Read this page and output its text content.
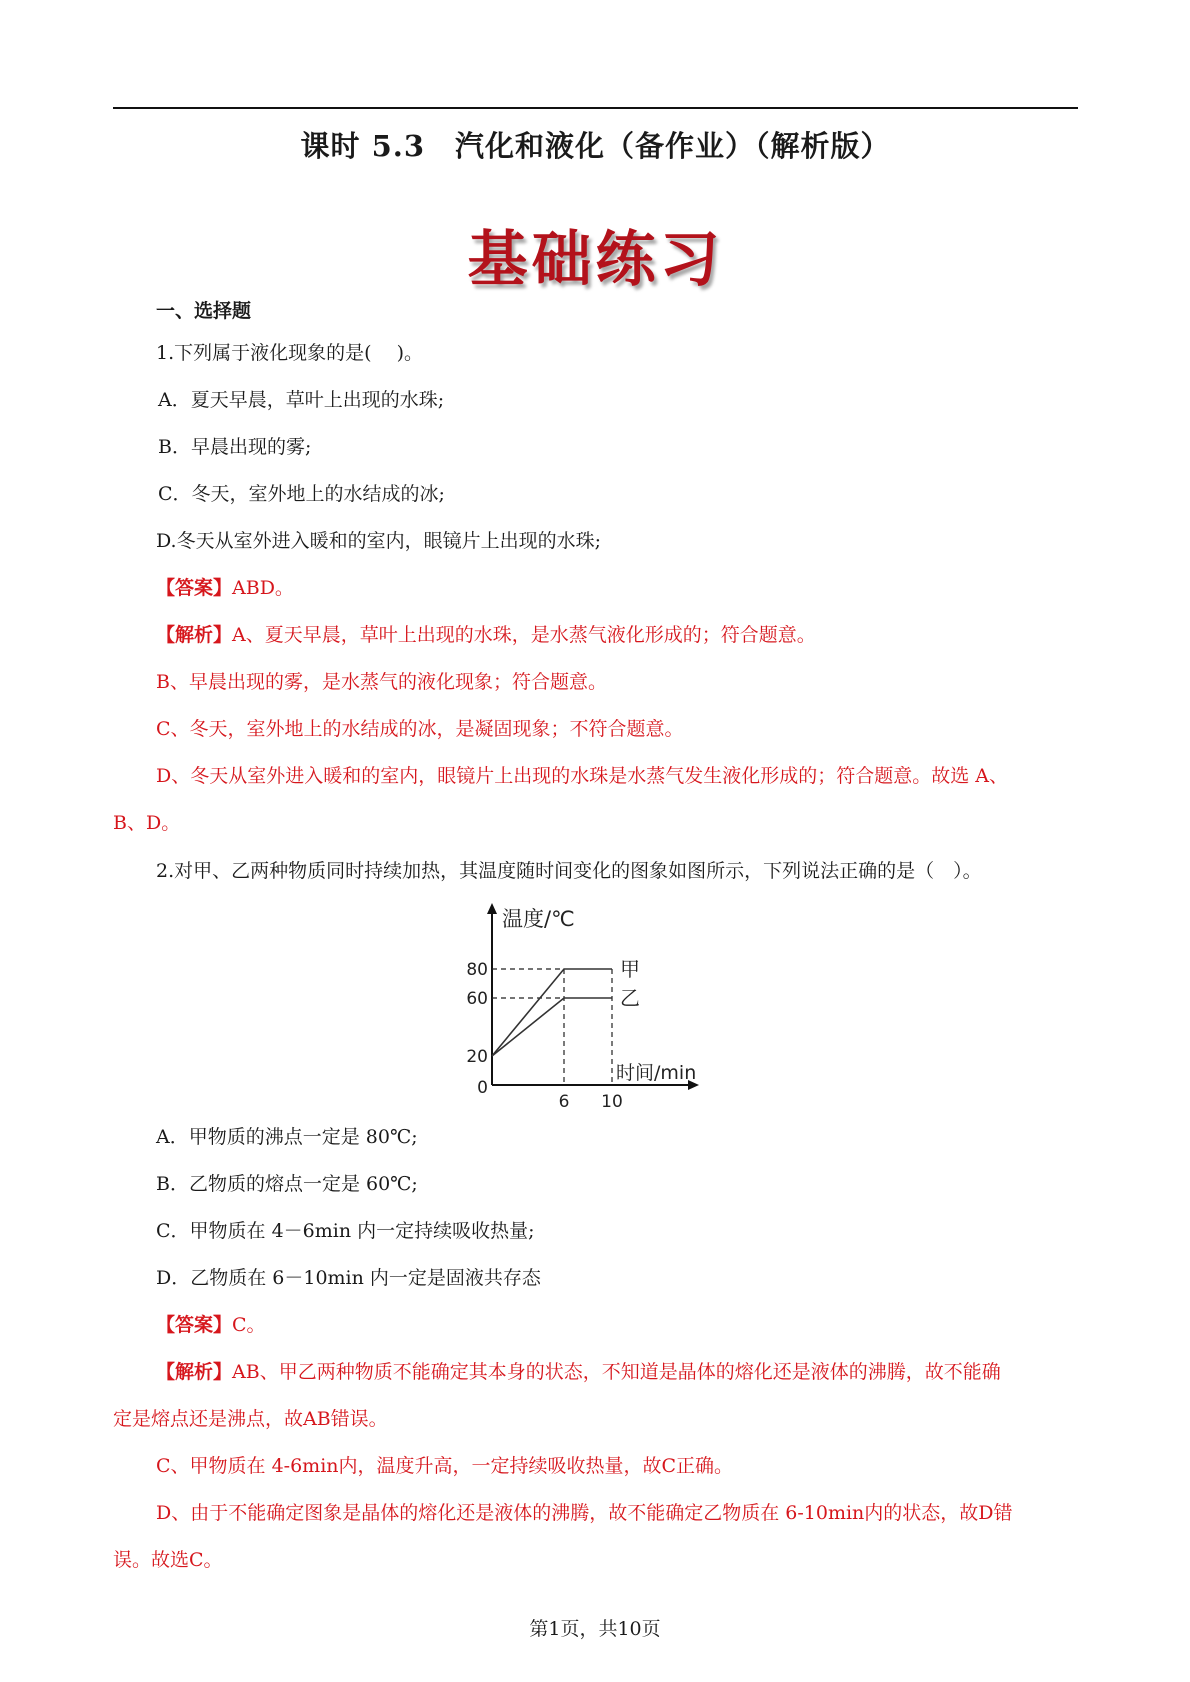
课时 5.3　汽化和液化（备作业）（解析版）
基础练习
一、选择题
1.下列属于液化现象的是(　 )。
A．夏天早晨，草叶上出现的水珠;
B．早晨出现的雾;
C．冬天，室外地上的水结成的冰;
D.冬天从室外进入暖和的室内，眼镜片上出现的水珠;
【答案】ABD。
【解析】A、夏天早晨，草叶上出现的水珠，是水蒸气液化形成的；符合题意。
B、早晨出现的雾，是水蒸气的液化现象；符合题意。
C、冬天，室外地上的水结成的冰，是凝固现象；不符合题意。
D、冬天从室外进入暖和的室内，眼镜片上出现的水珠是水蒸气发生液化形成的；符合题意。故选 A、
B、D。
2.对甲、乙两种物质同时持续加热，其温度随时间变化的图象如图所示，下列说法正确的是（　）。
甲
乙
20
60
80
0
6 10
温度/℃
时间/min
A．甲物质的沸点一定是 80℃;
B．乙物质的熔点一定是 60℃;
C．甲物质在 4－6min 内一定持续吸收热量;
D．乙物质在 6－10min 内一定是固液共存态
【答案】C。
【解析】AB、甲乙两种物质不能确定其本身的状态，不知道是晶体的熔化还是液体的沸腾，故不能确
定是熔点还是沸点，故AB错误。
C、甲物质在 4-6min内，温度升高，一定持续吸收热量，故C正确。
D、由于不能确定图象是晶体的熔化还是液体的沸腾，故不能确定乙物质在 6-10min内的状态，故D错
误。故选C。
第1页，共10页
